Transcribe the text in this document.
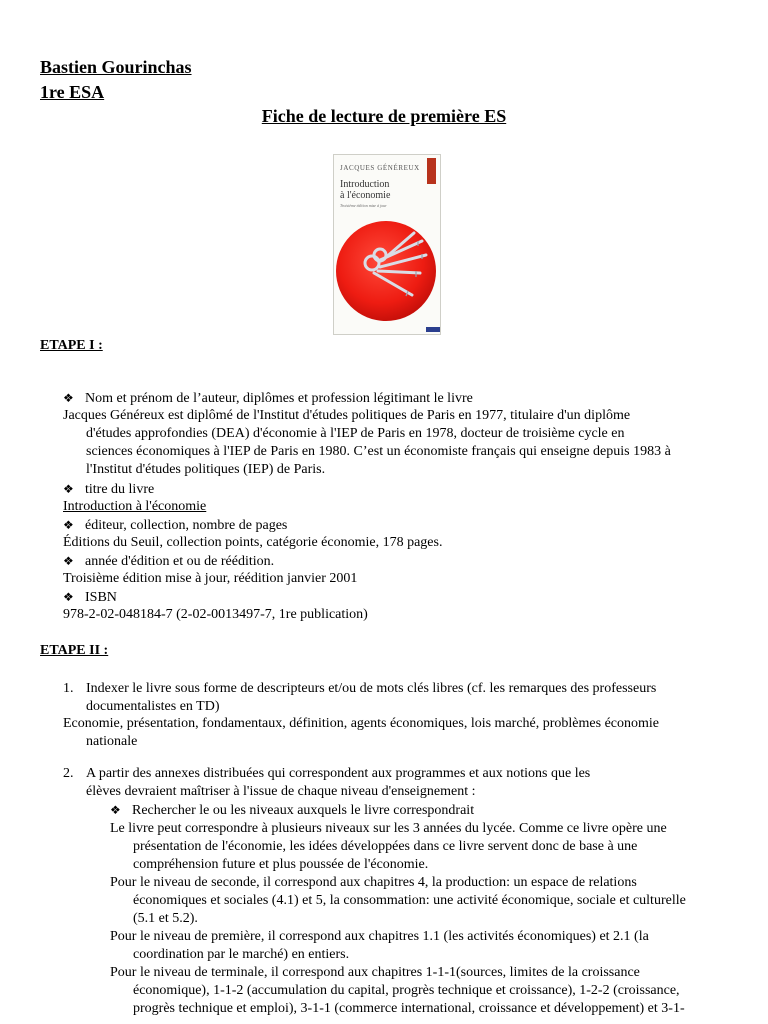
Bastien Gourinchas
1re ESA
Fiche de lecture de première ES
JACQUES GÉNÉREUX
Introduction
à l'économie
Troisième édition mise à jour
ETAPE I :
❖ Nom et prénom de l’auteur, diplômes et profession légitimant le livre
Jacques Généreux est diplômé de l'Institut d'études politiques de Paris en 1977, titulaire d'un diplôme
d'études approfondies (DEA) d'économie à l'IEP de Paris en 1978, docteur de troisième cycle en
sciences économiques à l'IEP de Paris en 1980. C’est un économiste français qui enseigne depuis 1983 à
l'Institut d'études politiques (IEP) de Paris.
❖ titre du livre
Introduction à l'économie
❖ éditeur, collection, nombre de pages
Éditions du Seuil, collection points, catégorie économie, 178 pages.
❖ année d'édition et ou de réédition.
Troisième édition mise à jour, réédition janvier 2001
❖ ISBN
978-2-02-048184-7 (2-02-0013497-7, 1re publication)
ETAPE II :
1. Indexer le livre sous forme de descripteurs et/ou de mots clés libres (cf. les remarques des professeurs
documentalistes en TD)
Economie, présentation, fondamentaux, définition, agents économiques, lois marché, problèmes économie
nationale
2. A partir des annexes distribuées qui correspondent aux programmes et aux notions que les
élèves devraient maîtriser à l'issue de chaque niveau d'enseignement :
❖ Rechercher le ou les niveaux auxquels le livre correspondrait
Le livre peut correspondre à plusieurs niveaux sur les 3 années du lycée. Comme ce livre opère une
présentation de l'économie, les idées développées dans ce livre servent donc de base à une
compréhension future et plus poussée de l'économie.
Pour le niveau de seconde, il correspond aux chapitres 4, la production: un espace de relations
économiques et sociales (4.1) et 5, la consommation: une activité économique, sociale et culturelle
(5.1 et 5.2).
Pour le niveau de première, il correspond aux chapitres 1.1 (les activités économiques) et 2.1 (la
coordination par le marché) en entiers.
Pour le niveau de terminale, il correspond aux chapitres 1-1-1(sources, limites de la croissance
économique), 1-1-2 (accumulation du capital, progrès technique et croissance), 1-2-2 (croissance,
progrès technique et emploi), 3-1-1 (commerce international, croissance et développement) et 3-1-
